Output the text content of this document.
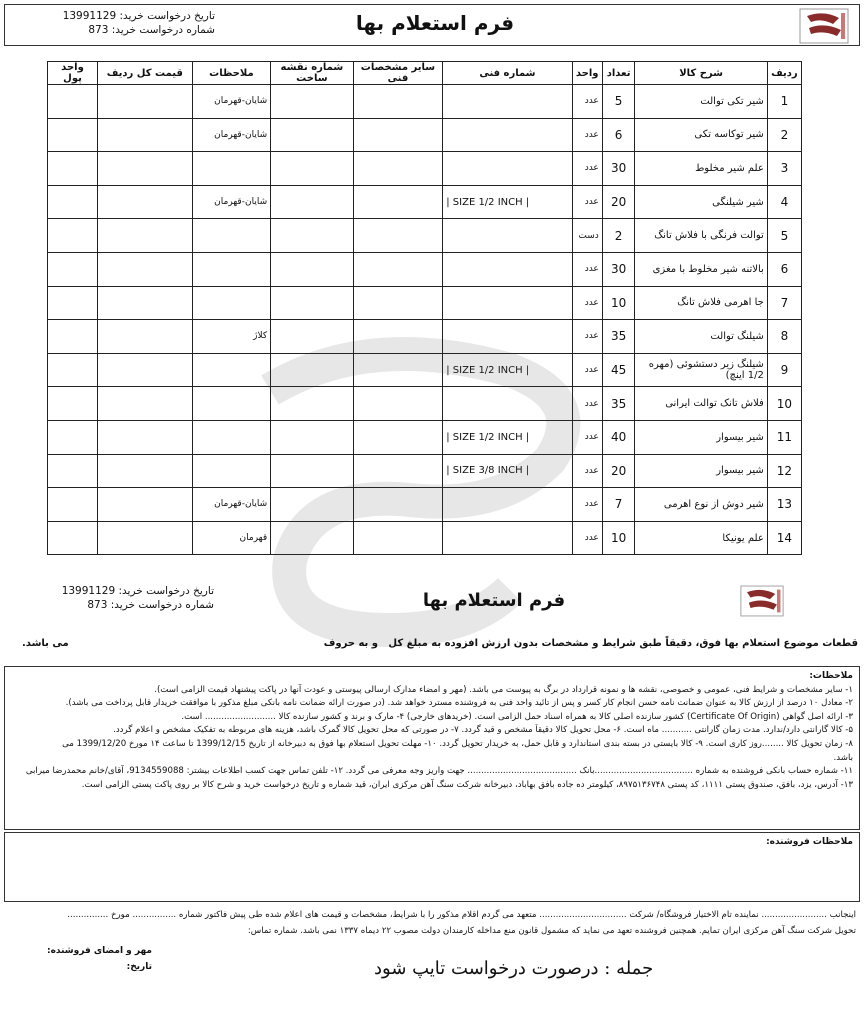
فرم استعلام بها
تاریخ درخواست خرید: 13991129
شماره درخواست خرید: 873
ردیف	شرح کالا	تعداد	واحد	شماره فنی	سایر مشخصات فنی	شماره نقشه ساخت	ملاحظات	قیمت کل ردیف	واحد پول
1	شیر تکی توالت	5	عدد				شایان-قهرمان		
2	شیر توکاسه تکی	6	عدد				شایان-قهرمان		
3	علم شیر مخلوط	30	عدد						
4	شیر شیلنگی	20	عدد	| SIZE 1/2 INCH |			شایان-قهرمان		
5	توالت فرنگی با فلاش تانگ	2	دست						
6	بالاتنه شیر مخلوط با مغزی	30	عدد						
7	جا اهرمی فلاش تانگ	10	عدد						
8	شیلنگ توالت	35	عدد				کلاژ		
9	شیلنگ زیر دستشوئی (مهره 1/2 اینچ)	45	عدد	| SIZE 1/2 INCH |					
10	فلاش تانک توالت ایرانی	35	عدد						
11	شیر بیسوار	40	عدد	| SIZE 1/2 INCH |					
12	شیر بیسوار	20	عدد	| SIZE 3/8 INCH |					
13	شیر دوش از نوع اهرمی	7	عدد				شایان-قهرمان		
14	علم یونیکا	10	عدد				قهرمان		
فرم استعلام بها
تاریخ درخواست خرید: 13991129
شماره درخواست خرید: 873
قطعات موضوع استعلام بها فوق، دقیقاً طبق شرایط و مشخصات بدون ارزش افزوده به مبلغ کل
و به حروف
می باشد.
ملاحظات:
۱- سایر مشخصات و شرایط فنی، عمومی و خصوصی، نقشه ها و نمونه قرارداد در برگ به پیوست می باشد. (مهر و امضاء مدارک ارسالی پیوستی و عودت آنها در پاکت پیشنهاد قیمت الزامی است).
۲- معادل ۱۰ درصد از ارزش کالا به عنوان ضمانت نامه حسن انجام کار کسر و پس از تائید واحد فنی به فروشنده مسترد خواهد شد. (در صورت ارائه ضمانت نامه بانکی مبلغ مذکور با موافقت خریدار قابل پرداخت می باشد).
۳- ارائه اصل گواهی (Certificate Of Origin) کشور سازنده اصلی کالا به همراه اسناد حمل الزامی است. (خریدهای خارجی) ۴- مارک و برند و کشور سازنده کالا .......................... است.
۵- کالا گارانتی دارد/ندارد. مدت زمان گارانتی ........... ماه است. ۶- محل تحویل کالا دقیقاً مشخص و قید گردد. ۷- در صورتی که محل تحویل کالا گمرک باشد، هزینه های مربوطه به تفکیک مشخص و اعلام گردد.
۸- زمان تحویل کالا ........روز کاری است. ۹- کالا بایستی در بسته بندی استاندارد و قابل حمل، به خریدار تحویل گردد. ۱۰- مهلت تحویل استعلام بها فوق به دبیرخانه از تاریخ 1399/12/15 تا ساعت ۱۴ مورخ 1399/12/20 می
باشد.
۱۱- شماره حساب بانکی فروشنده به شماره ....................................بانک ........................................ جهت واریز وجه معرفی می گردد. ۱۲- تلفن تماس جهت کسب اطلاعات بیشتر: 9134559088، آقای/خانم محمدرضا میرابی
۱۳- آدرس، یزد، بافق، صندوق پستی ۱۱۱۱، کد پستی ۸۹۷۵۱۳۶۷۴۸، کیلومتر ده جاده بافق بهاباد، دبیرخانه شرکت سنگ آهن مرکزی ایران، قید شماره و تاریخ درخواست خرید و شرح کالا بر روی پاکت پستی الزامی است.
ملاحظات فروشنده:
اینجانب ........................ نماینده تام الاختیار فروشگاه/ شرکت ................................ متعهد می گردم اقلام مذکور را با شرایط، مشخصات و قیمت های اعلام شده طی پیش فاکتور شماره ................ مورخ ...............
تحویل شرکت سنگ آهن مرکزی ایران تمایم. همچنین فروشنده تعهد می نماید که مشمول قانون منع مداخله کارمندان دولت مصوب ۲۲ دیماه ۱۳۳۷ نمی باشد. شماره تماس:
مهر و امضای فروشنده:
تاریخ:	جمله : درصورت درخواست تایپ شود
